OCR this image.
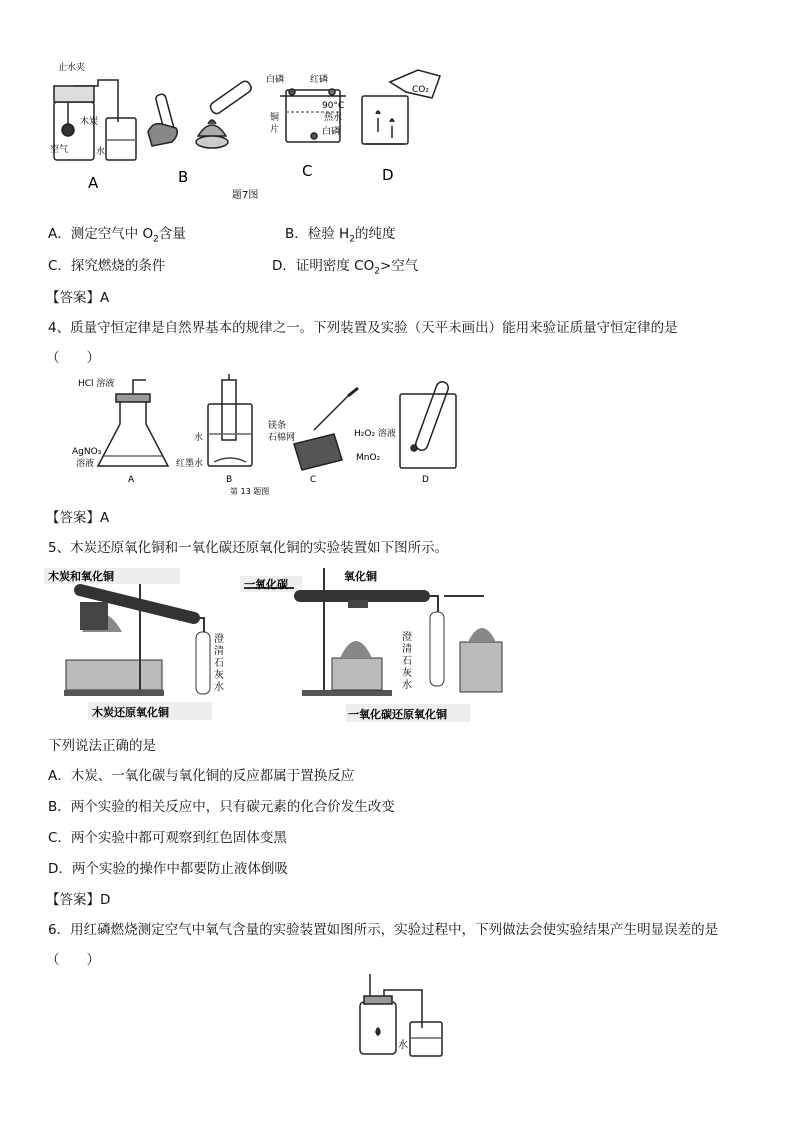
止水夹
木炭
空气	水
A	B
白磷	红磷
90°C
热水
铜
片	白磷
C
CO₂
D
题7图
A．测定空气中 $O_2$含量	B．检验 $H_2$的纯度
C．探究燃烧的条件	D．证明密度 $CO_2>$空气
【答案】A
4、质量守恒定律是自然界基本的规律之一。下列装置及实验（天平未画出）能用来验证质量守恒定律的是
（　　）
HCl 溶液
AgNO₃
溶液
A
水
红墨水
B
镁条
石棉网
C
H₂O₂ 溶液
MnO₂
D
第 13 题图
【答案】A
5、木炭还原氧化铜和一氧化碳还原氧化铜的实验装置如下图所示。
木炭和氧化铜
澄
清
石
灰
水
木炭还原氧化铜
一氧化碳
氧化铜
澄
清
石
灰
水
一氧化碳还原氧化铜
下列说法正确的是
A．木炭、一氧化碳与氧化铜的反应都属于置换反应
B．两个实验的相关反应中，只有碳元素的化合价发生改变
C．两个实验中都可观察到红色固体变黑
D．两个实验的操作中都要防止液体倒吸
【答案】D
6．用红磷燃烧测定空气中氧气含量的实验装置如图所示，实验过程中，下列做法会使实验结果产生明显误差的是
（　　）
水
